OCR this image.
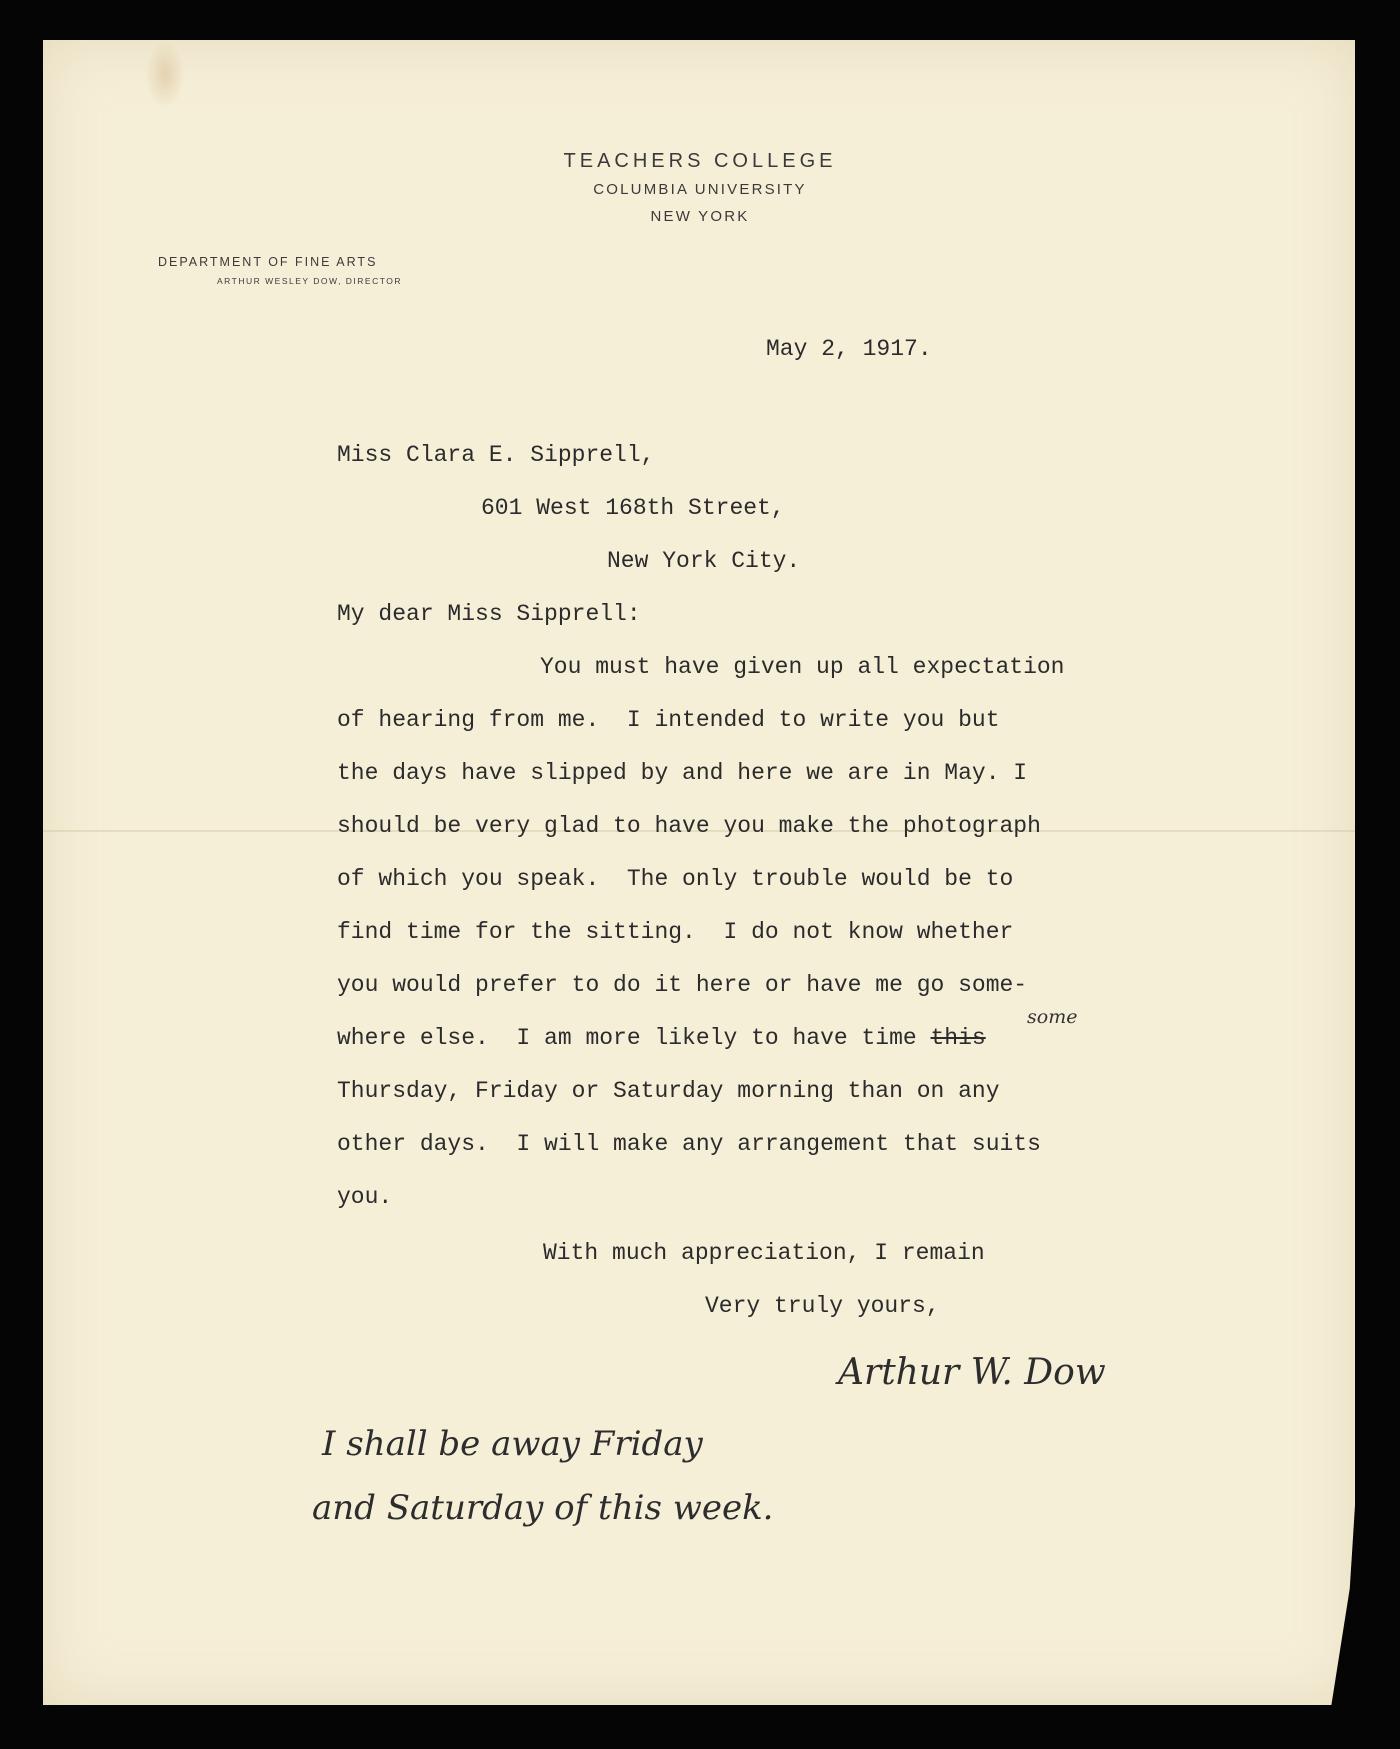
TEACHERS COLLEGE
COLUMBIA UNIVERSITY
NEW YORK
DEPARTMENT OF FINE ARTS
ARTHUR WESLEY DOW, DIRECTOR
May 2, 1917.
Miss Clara E. Sipprell,
601 West 168th Street,
New York City.
My dear Miss Sipprell:
You must have given up all expectation
of hearing from me.  I intended to write you but
the days have slipped by and here we are in May. I
should be very glad to have you make the photograph
of which you speak.  The only trouble would be to
find time for the sitting.  I do not know whether
you would prefer to do it here or have me go some-
where else.  I am more likely to have time this
some
Thursday, Friday or Saturday morning than on any
other days.  I will make any arrangement that suits
you.
With much appreciation, I remain
Very truly yours,
Arthur W. Dow
I shall be away Friday
and Saturday of this week.
